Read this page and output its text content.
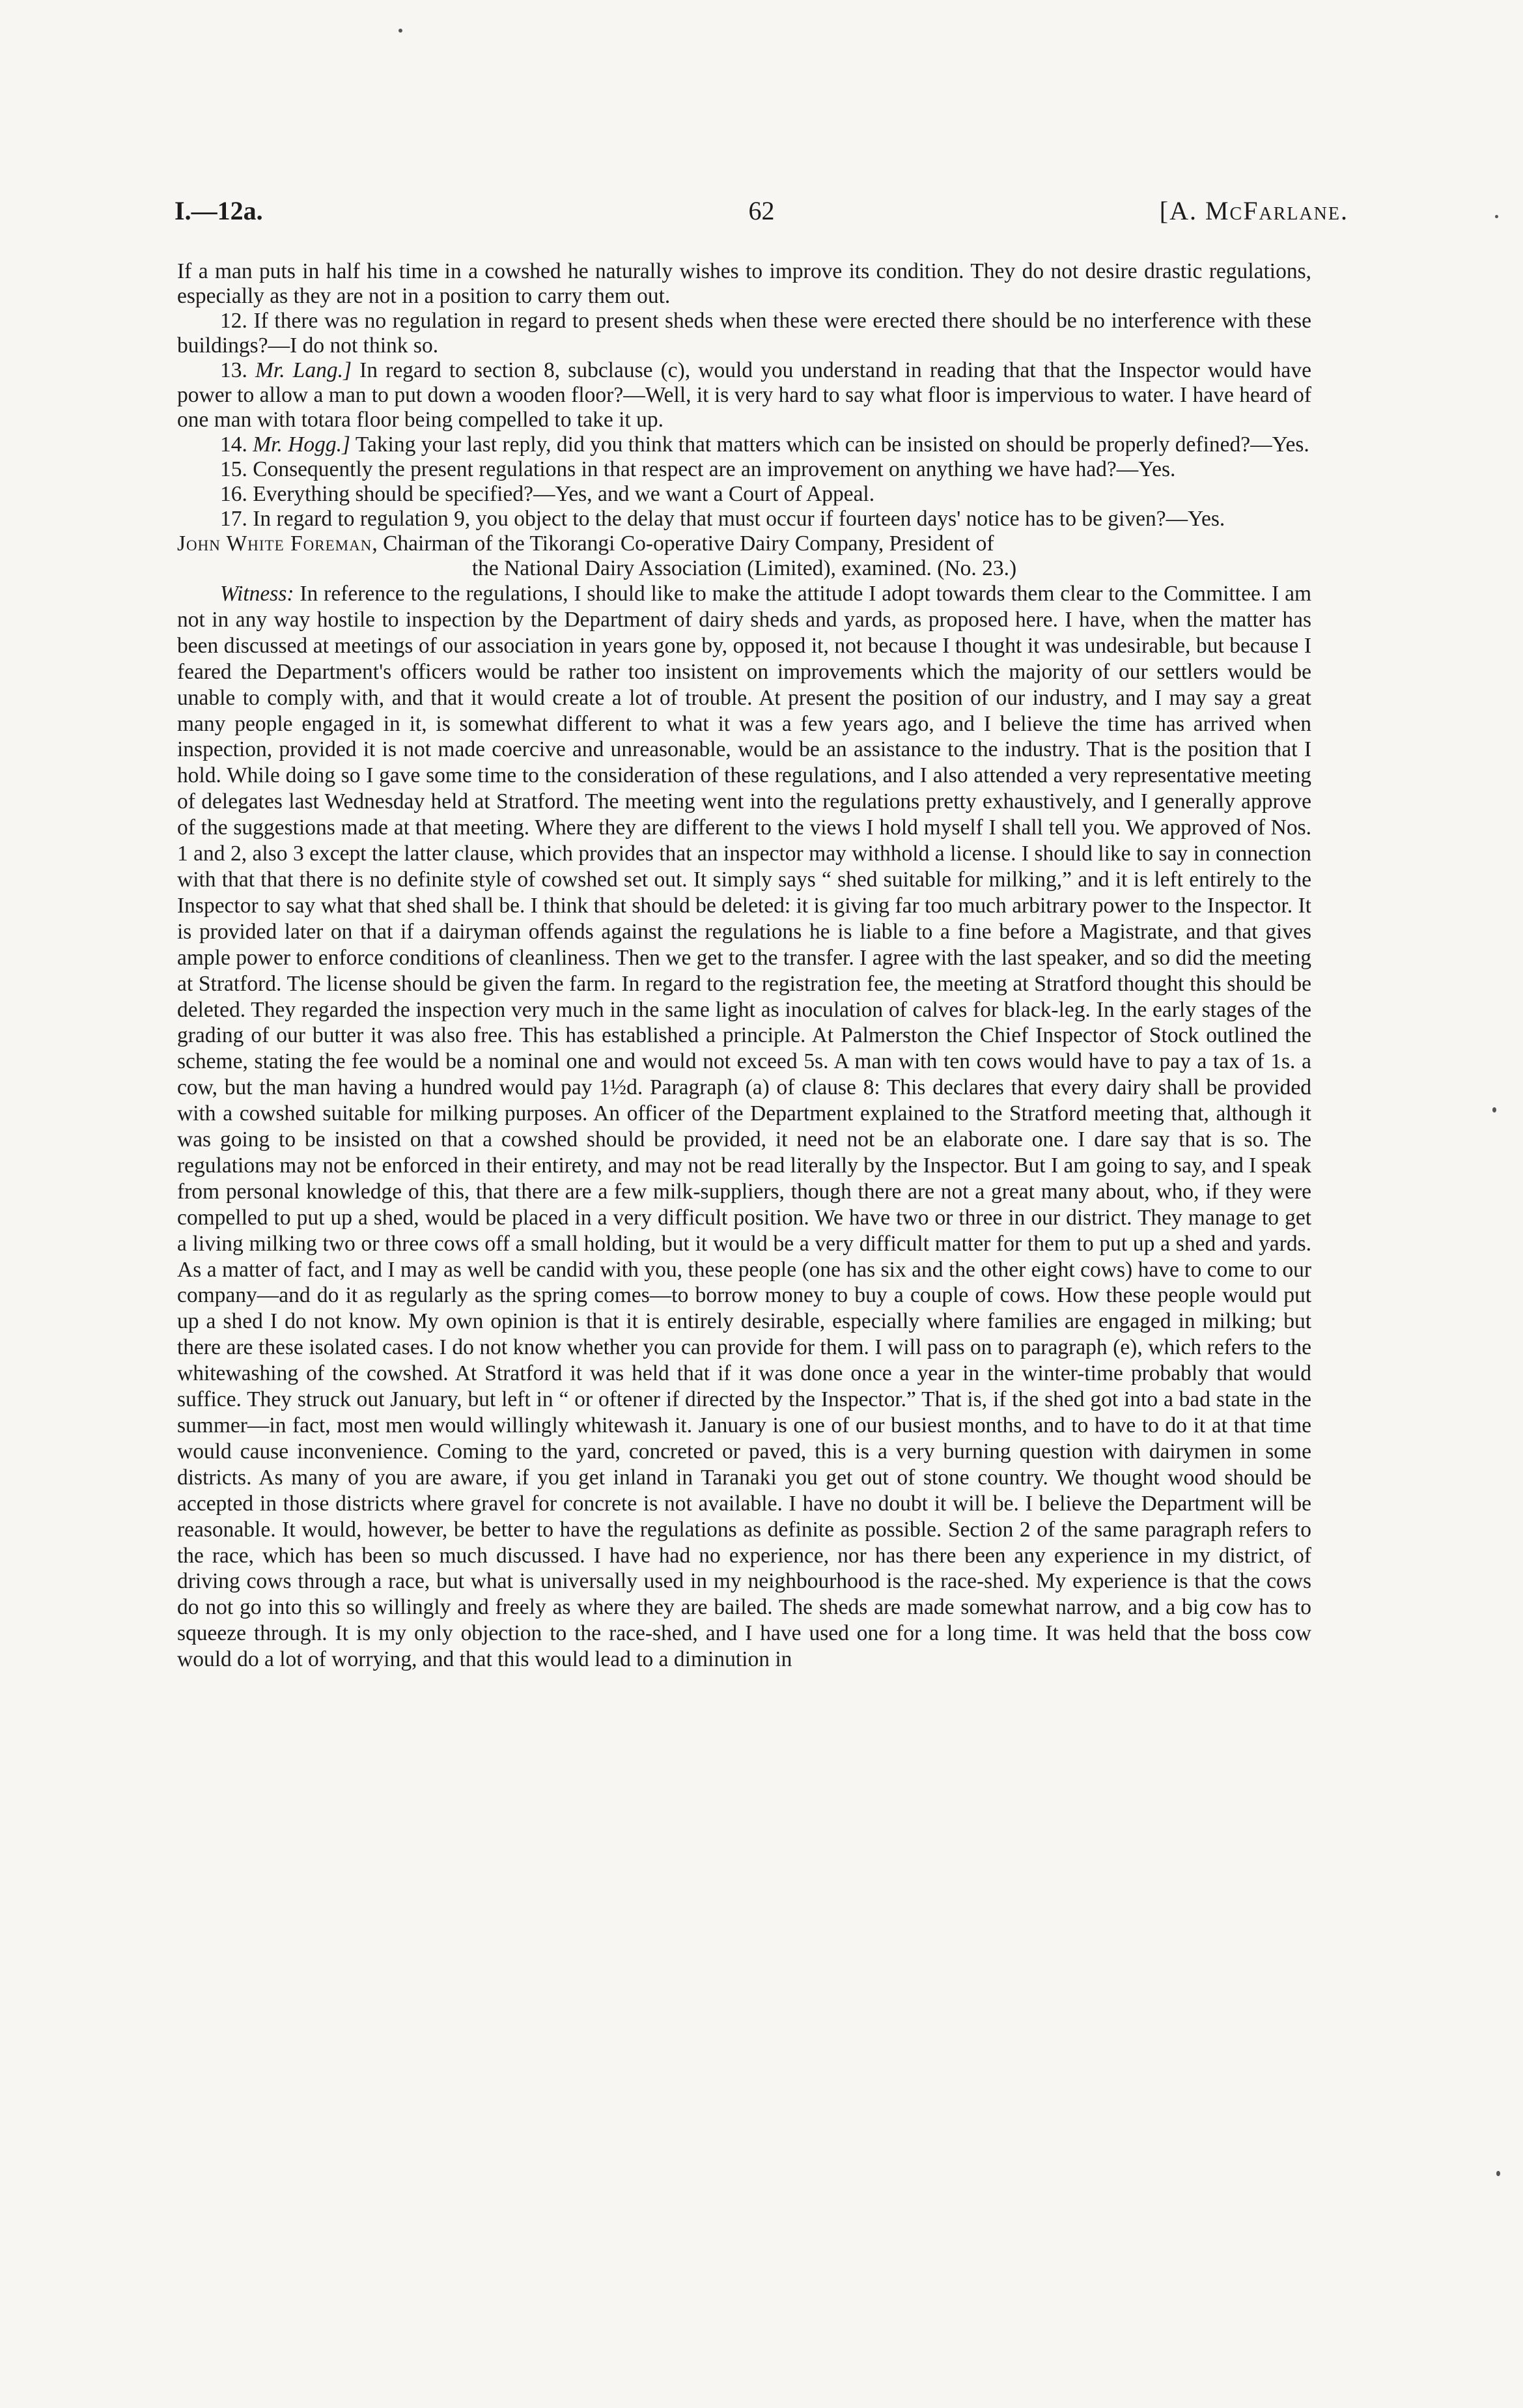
I.—12a.	62	[A. McFarlane.

If a man puts in half his time in a cowshed he naturally wishes to improve its condition. They do not desire drastic regulations, especially as they are not in a position to carry them out.

12. If there was no regulation in regard to present sheds when these were erected there should be no interference with these buildings?—I do not think so.

13. Mr. Lang.] In regard to section 8, subclause (c), would you understand in reading that that the Inspector would have power to allow a man to put down a wooden floor?—Well, it is very hard to say what floor is impervious to water. I have heard of one man with totara floor being compelled to take it up.

14. Mr. Hogg.] Taking your last reply, did you think that matters which can be insisted on should be properly defined?—Yes.

15. Consequently the present regulations in that respect are an improvement on anything we have had?—Yes.

16. Everything should be specified?—Yes, and we want a Court of Appeal.

17. In regard to regulation 9, you object to the delay that must occur if fourteen days' notice has to be given?—Yes.

John White Foreman, Chairman of the Tikorangi Co-operative Dairy Company, President of
the National Dairy Association (Limited), examined. (No. 23.)

Witness: In reference to the regulations, I should like to make the attitude I adopt towards them clear to the Committee. I am not in any way hostile to inspection by the Department of dairy sheds and yards, as proposed here. I have, when the matter has been discussed at meetings of our association in years gone by, opposed it, not because I thought it was undesirable, but because I feared the Department's officers would be rather too insistent on improvements which the majority of our settlers would be unable to comply with, and that it would create a lot of trouble. At present the position of our industry, and I may say a great many people engaged in it, is somewhat different to what it was a few years ago, and I believe the time has arrived when inspection, provided it is not made coercive and unreasonable, would be an assistance to the industry. That is the position that I hold. While doing so I gave some time to the consideration of these regulations, and I also attended a very representative meeting of delegates last Wednesday held at Stratford. The meeting went into the regulations pretty exhaustively, and I generally approve of the suggestions made at that meeting. Where they are different to the views I hold myself I shall tell you. We approved of Nos. 1 and 2, also 3 except the latter clause, which provides that an inspector may withhold a license. I should like to say in connection with that that there is no definite style of cowshed set out. It simply says “ shed suitable for milking,” and it is left entirely to the Inspector to say what that shed shall be. I think that should be deleted: it is giving far too much arbitrary power to the Inspector. It is provided later on that if a dairyman offends against the regulations he is liable to a fine before a Magistrate, and that gives ample power to enforce conditions of cleanliness. Then we get to the transfer. I agree with the last speaker, and so did the meeting at Stratford. The license should be given the farm. In regard to the registration fee, the meeting at Stratford thought this should be deleted. They regarded the inspection very much in the same light as inoculation of calves for black-leg. In the early stages of the grading of our butter it was also free. This has established a principle. At Palmerston the Chief Inspector of Stock outlined the scheme, stating the fee would be a nominal one and would not exceed 5s. A man with ten cows would have to pay a tax of 1s. a cow, but the man having a hundred would pay 1½d. Paragraph (a) of clause 8: This declares that every dairy shall be provided with a cowshed suitable for milking purposes. An officer of the Department explained to the Stratford meeting that, although it was going to be insisted on that a cowshed should be provided, it need not be an elaborate one. I dare say that is so. The regulations may not be enforced in their entirety, and may not be read literally by the Inspector. But I am going to say, and I speak from personal knowledge of this, that there are a few milk-suppliers, though there are not a great many about, who, if they were compelled to put up a shed, would be placed in a very difficult position. We have two or three in our district. They manage to get a living milking two or three cows off a small holding, but it would be a very difficult matter for them to put up a shed and yards. As a matter of fact, and I may as well be candid with you, these people (one has six and the other eight cows) have to come to our company—and do it as regularly as the spring comes—to borrow money to buy a couple of cows. How these people would put up a shed I do not know. My own opinion is that it is entirely desirable, especially where families are engaged in milking; but there are these isolated cases. I do not know whether you can provide for them. I will pass on to paragraph (e), which refers to the whitewashing of the cowshed. At Stratford it was held that if it was done once a year in the winter-time probably that would suffice. They struck out January, but left in “ or oftener if directed by the Inspector.” That is, if the shed got into a bad state in the summer—in fact, most men would willingly whitewash it. January is one of our busiest months, and to have to do it at that time would cause inconvenience. Coming to the yard, concreted or paved, this is a very burning question with dairymen in some districts. As many of you are aware, if you get inland in Taranaki you get out of stone country. We thought wood should be accepted in those districts where gravel for concrete is not available. I have no doubt it will be. I believe the Department will be reasonable. It would, however, be better to have the regulations as definite as possible. Section 2 of the same paragraph refers to the race, which has been so much discussed. I have had no experience, nor has there been any experience in my district, of driving cows through a race, but what is universally used in my neighbourhood is the race-shed. My experience is that the cows do not go into this so willingly and freely as where they are bailed. The sheds are made somewhat narrow, and a big cow has to squeeze through. It is my only objection to the race-shed, and I have used one for a long time. It was held that the boss cow would do a lot of worrying, and that this would lead to a diminution in
